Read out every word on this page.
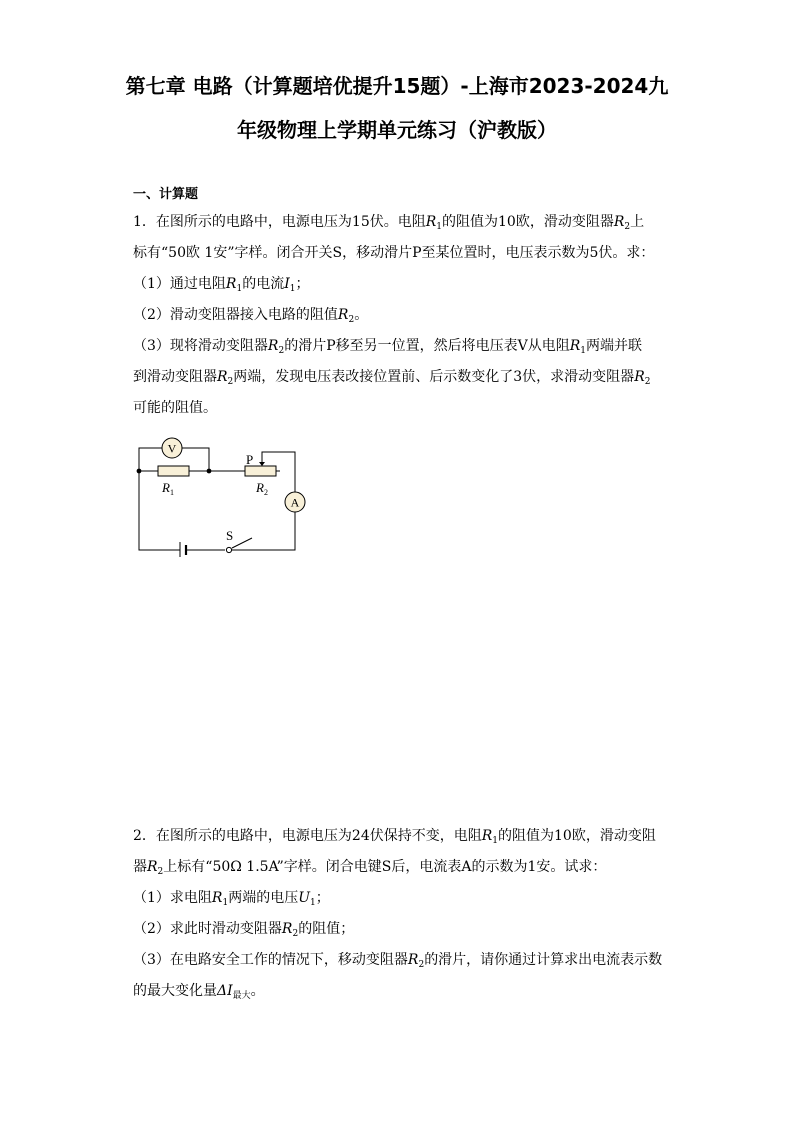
第七章 电路（计算题培优提升15题）-上海市2023-2024九
年级物理上学期单元练习（沪教版）
一、计算题
1．在图所示的电路中，电源电压为15伏。电阻$R_1$的阻值为10欧，滑动变阻器$R_2$上
标有“50欧 1安”字样。闭合开关S，移动滑片P至某位置时，电压表示数为5伏。求：
（1）通过电阻$R_1$的电流$I_1$；
（2）滑动变阻器接入电路的阻值$R_2$。
（3）现将滑动变阻器$R_2$的滑片P移至另一位置，然后将电压表V从电阻$R_1$两端并联
到滑动变阻器$R_2$两端，发现电压表改接位置前、后示数变化了3伏，求滑动变阻器$R_2$
可能的阻值。
V
A
P
S
$R_1$	$R_2$
2．在图所示的电路中，电源电压为24伏保持不变，电阻$R_1$的阻值为10欧，滑动变阻
器$R_2$上标有“50Ω 1.5A”字样。闭合电键S后，电流表A的示数为1安。试求：
（1）求电阻$R_1$两端的电压$U_1$；
（2）求此时滑动变阻器$R_2$的阻值；
（3）在电路安全工作的情况下，移动变阻器$R_2$的滑片，请你通过计算求出电流表示数
的最大变化量$\Delta I_{最大}$。
